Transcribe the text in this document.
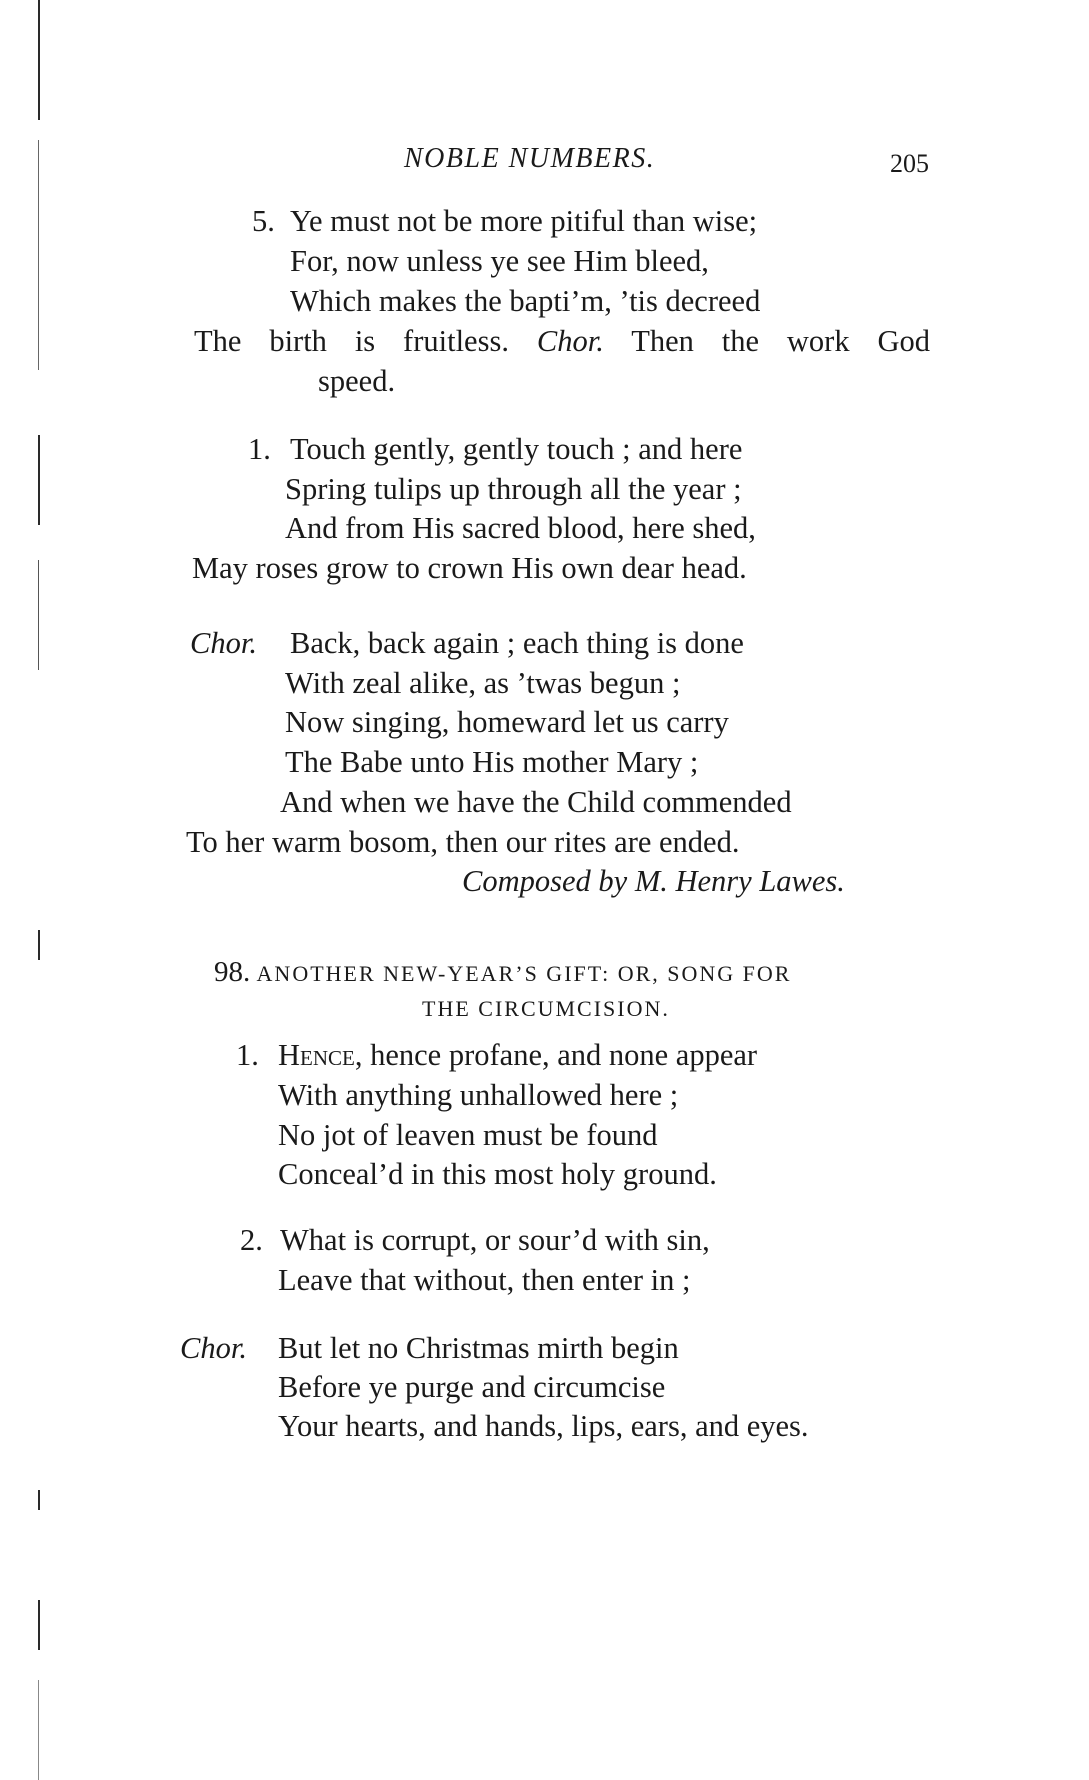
NOBLE NUMBERS.	205
5. Ye must not be more pitiful than wise;
For, now unless ye see Him bleed,
Which makes the bapti’m, ’tis decreed
The birth is fruitless. Chor. Then the work God
speed.
1. Touch gently, gently touch ; and here
Spring tulips up through all the year ;
And from His sacred blood, here shed,
May roses grow to crown His own dear head.
Chor. Back, back again ; each thing is done
With zeal alike, as ’twas begun ;
Now singing, homeward let us carry
The Babe unto His mother Mary ;
And when we have the Child commended
To her warm bosom, then our rites are ended.
Composed by M. Henry Lawes.
98. ANOTHER NEW-YEAR’S GIFT: OR, SONG FOR
THE CIRCUMCISION.
1. Hence, hence profane, and none appear
With anything unhallowed here ;
No jot of leaven must be found
Conceal’d in this most holy ground.
2. What is corrupt, or sour’d with sin,
Leave that without, then enter in ;
Chor. But let no Christmas mirth begin
Before ye purge and circumcise
Your hearts, and hands, lips, ears, and eyes.
